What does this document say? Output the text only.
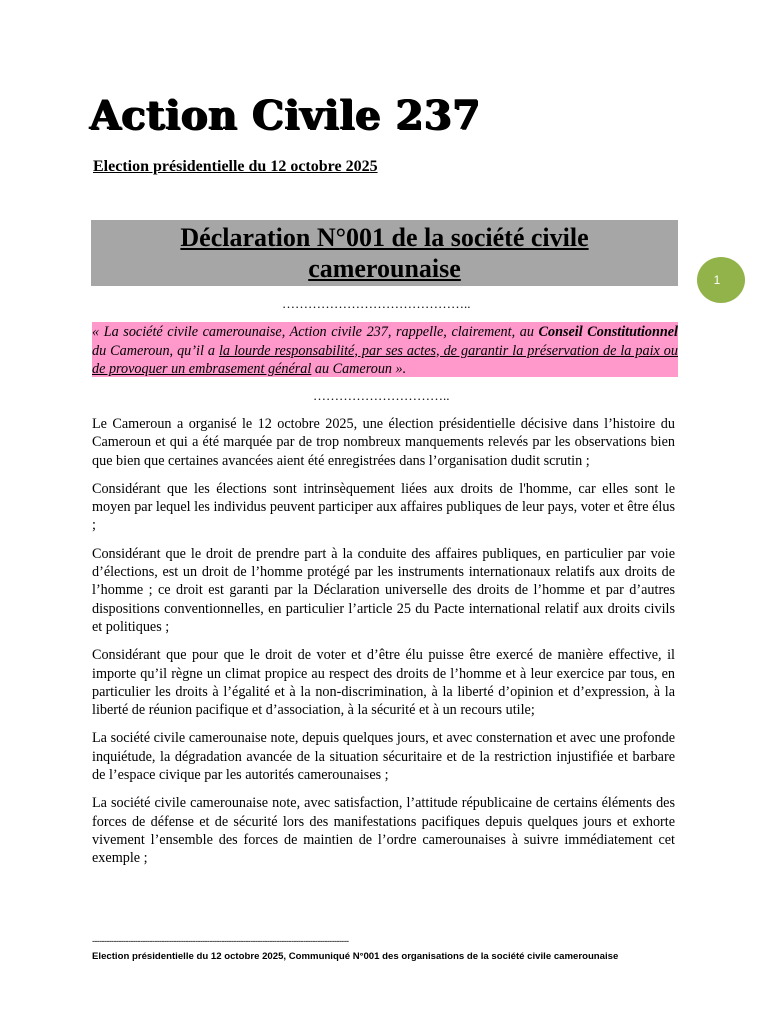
Action Civile 237
Election présidentielle du 12 octobre 2025
Déclaration N°001 de la société civile
camerounaise	1
……………………………………..

« La société civile camerounaise, Action civile 237, rappelle, clairement, au Conseil Constitutionnel du Cameroun, qu’il a la lourde responsabilité, par ses actes, de garantir la préservation de la paix ou de provoquer un embrasement général au Cameroun ».

…………………………..

Le Cameroun a organisé le 12 octobre 2025, une élection présidentielle décisive dans l’histoire du Cameroun et qui a été marquée par de trop nombreux manquements relevés par les observations bien que bien que certaines avancées aient été enregistrées dans l’organisation dudit scrutin ;

Considérant que les élections sont intrinsèquement liées aux droits de l'homme, car elles sont le moyen par lequel les individus peuvent participer aux affaires publiques de leur pays, voter et être élus ;

Considérant que le droit de prendre part à la conduite des affaires publiques, en particulier par voie d’élections, est un droit de l’homme protégé par les instruments internationaux relatifs aux droits de l’homme ; ce droit est garanti par la Déclaration universelle des droits de l’homme et par d’autres dispositions conventionnelles, en particulier l’article 25 du Pacte international relatif aux droits civils et politiques ;

Considérant que pour que le droit de voter et d’être élu puisse être exercé de manière effective, il importe qu’il règne un climat propice au respect des droits de l’homme et à leur exercice par tous, en particulier les droits à l’égalité et à la non-discrimination, à la liberté d’opinion et d’expression, à la liberté de réunion pacifique et d’association, à la sécurité et à un recours utile;

La société civile camerounaise note, depuis quelques jours, et avec consternation et avec une profonde inquiétude, la dégradation avancée de la situation sécuritaire et de la restriction injustifiée et barbare de l’espace civique par les autorités camerounaises ;

La société civile camerounaise note, avec satisfaction, l’attitude républicaine de certains éléments des forces de défense et de sécurité lors des manifestations pacifiques depuis quelques jours et exhorte vivement l’ensemble des forces de maintien de l’ordre camerounaises à suivre immédiatement cet exemple ;

-----------------------------------------------------------------------------------------------------------
Election présidentielle du 12 octobre 2025, Communiqué N°001 des organisations de la société civile camerounaise
